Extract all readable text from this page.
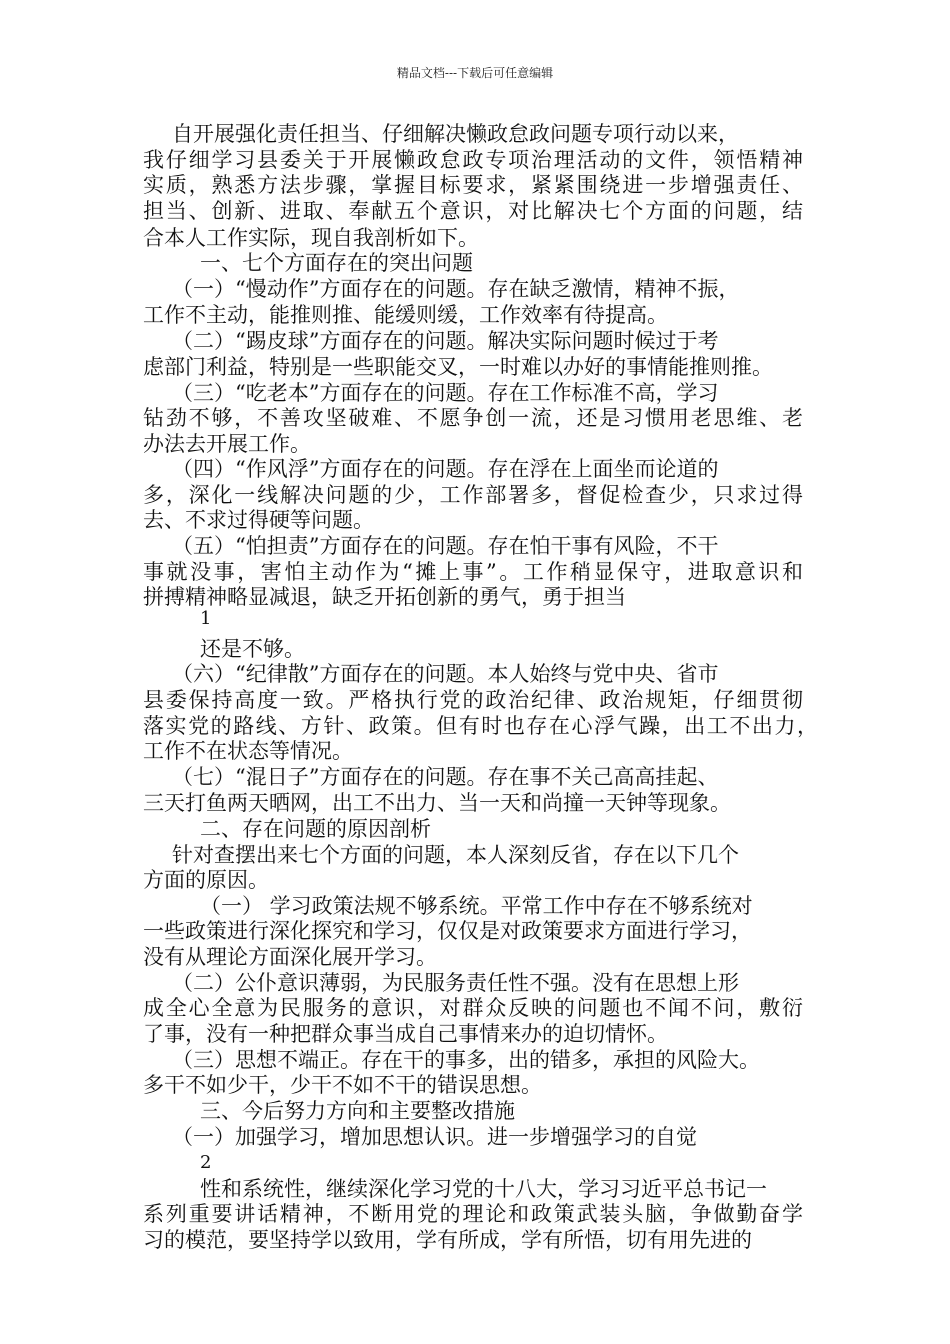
精品文档---下载后可任意编辑
自开展强化责任担当、仔细解决懒政怠政问题专项行动以来，
我仔细学习县委关于开展懒政怠政专项治理活动的文件，领悟精神
实质，熟悉方法步骤，掌握目标要求，紧紧围绕进一步增强责任、
担当、创新、进取、奉献五个意识，对比解决七个方面的问题，结
合本人工作实际，现自我剖析如下。
一、七个方面存在的突出问题
（一）“慢动作”方面存在的问题。存在缺乏激情，精神不振，
工作不主动，能推则推、能缓则缓，工作效率有待提高。
（二）“踢皮球”方面存在的问题。解决实际问题时候过于考
虑部门利益，特别是一些职能交叉，一时难以办好的事情能推则推。
（三）“吃老本”方面存在的问题。存在工作标准不高，学习
钻劲不够，不善攻坚破难、不愿争创一流，还是习惯用老思维、老
办法去开展工作。
（四）“作风浮”方面存在的问题。存在浮在上面坐而论道的
多，深化一线解决问题的少，工作部署多，督促检查少，只求过得
去、不求过得硬等问题。
（五）“怕担责”方面存在的问题。存在怕干事有风险，不干
事就没事，害怕主动作为“摊上事”。工作稍显保守，进取意识和
拼搏精神略显减退，缺乏开拓创新的勇气，勇于担当
还是不够。
（六）“纪律散”方面存在的问题。本人始终与党中央、省市
县委保持高度一致。严格执行党的政治纪律、政治规矩，仔细贯彻
落实党的路线、方针、政策。但有时也存在心浮气躁，出工不出力，
工作不在状态等情况。
（七）“混日子”方面存在的问题。存在事不关己高高挂起、
三天打鱼两天晒网，出工不出力、当一天和尚撞一天钟等现象。
二、存在问题的原因剖析
针对查摆出来七个方面的问题，本人深刻反省，存在以下几个
方面的原因。
（一） 学习政策法规不够系统。平常工作中存在不够系统对
一些政策进行深化探究和学习，仅仅是对政策要求方面进行学习，
没有从理论方面深化展开学习。
（二）公仆意识薄弱，为民服务责任性不强。没有在思想上形
成全心全意为民服务的意识，对群众反映的问题也不闻不问，敷衍
了事，没有一种把群众事当成自己事情来办的迫切情怀。
（三）思想不端正。存在干的事多，出的错多，承担的风险大。
多干不如少干，少干不如不干的错误思想。
三、今后努力方向和主要整改措施
（一）加强学习，增加思想认识。进一步增强学习的自觉
性和系统性，继续深化学习党的十八大，学习习近平总书记一
系列重要讲话精神，不断用党的理论和政策武装头脑，争做勤奋学
习的模范，要坚持学以致用，学有所成，学有所悟，切有用先进的
1
2
